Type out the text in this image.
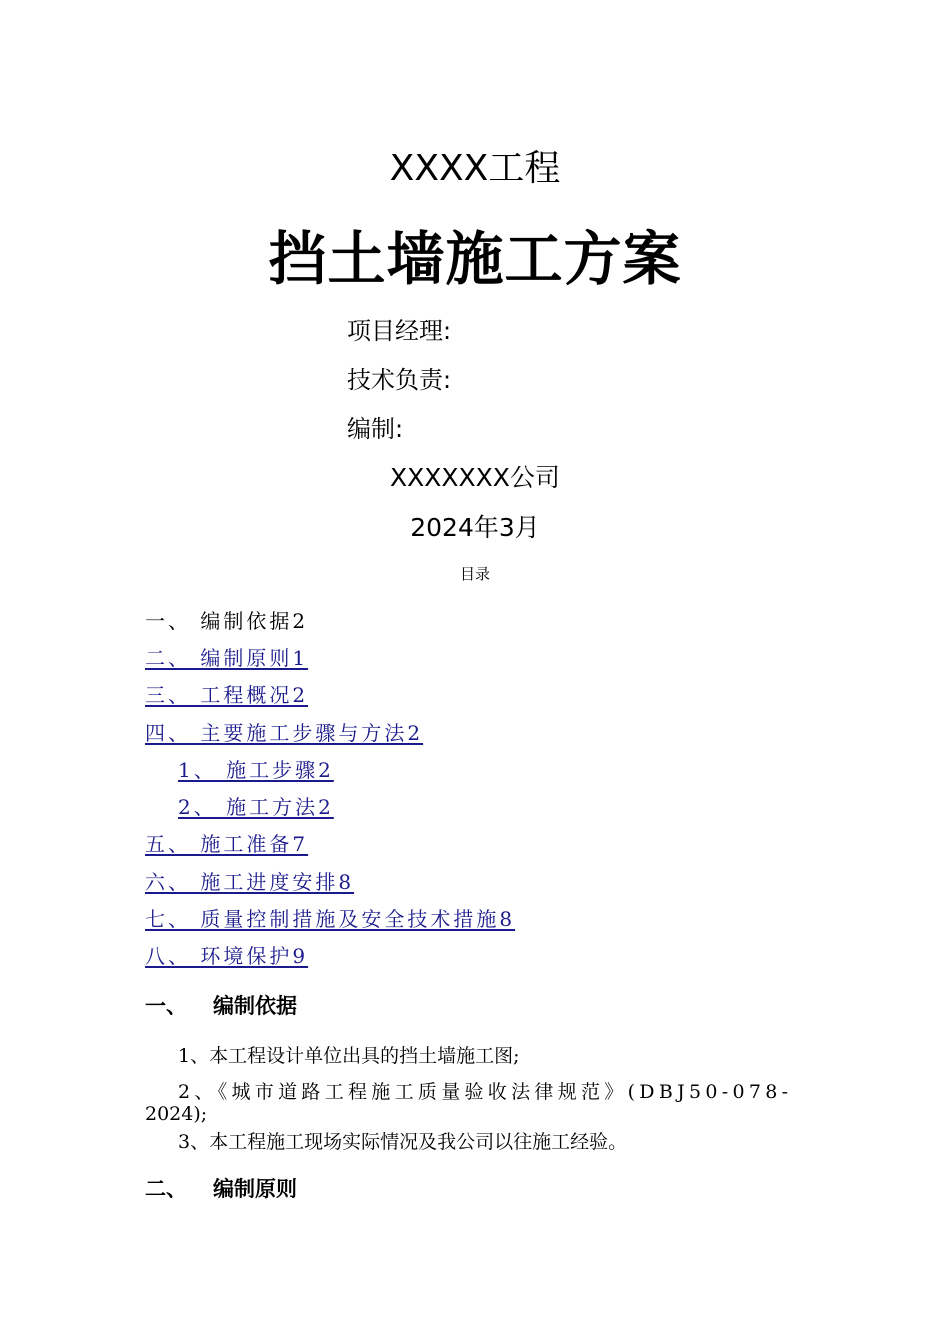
XXXX工程
挡土墙施工方案
项目经理:
技术负责:
编制:
XXXXXXX公司
2024年3月
目录
一、 编制依据2
二、 编制原则1
三、 工程概况2
四、 主要施工步骤与方法2
1、 施工步骤2
2、 施工方法2
五、 施工准备7
六、 施工进度安排8
七、 质量控制措施及安全技术措施8
八、 环境保护9
一、 编制依据
1、本工程设计单位出具的挡土墙施工图;
2、《城市道路工程施工质量验收法律规范》(DBJ50-078-
2024);
3、本工程施工现场实际情况及我公司以往施工经验。
二、 编制原则
